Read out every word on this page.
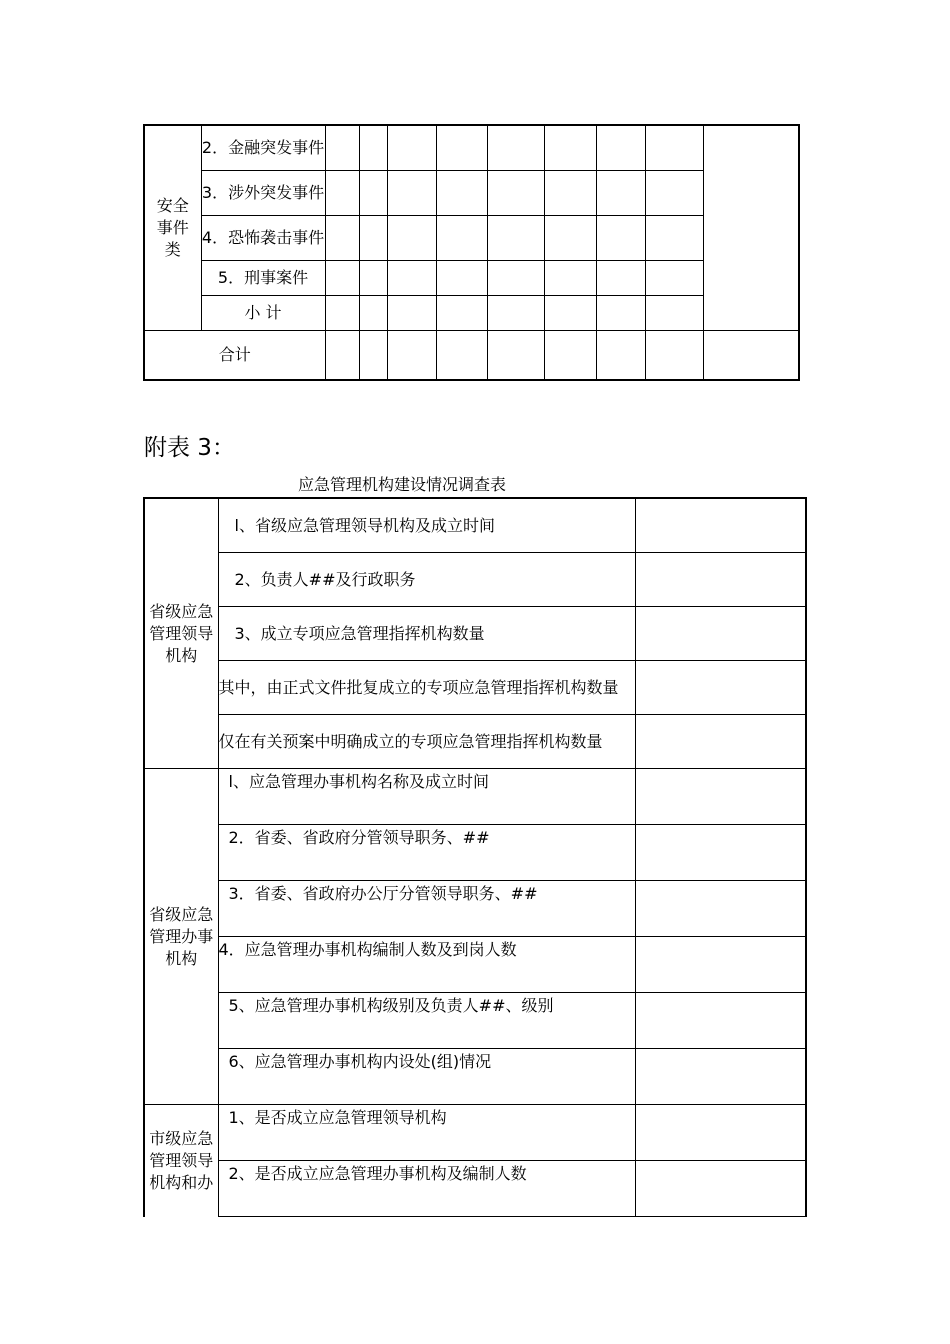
安全
事件
类	2．金融突发事件									
	3．涉外突发事件									
	4．恐怖袭击事件									
	5．刑事案件									
	小 计									
合计										
附表 3：
应急管理机构建设情况调查表
省级应急
管理领导
机构	l、省级应急管理领导机构及成立时间	
	2、负责人##及行政职务	
	3、成立专项应急管理指挥机构数量	
	其中，由正式文件批复成立的专项应急管理指挥机构数量	
	仅在有关预案中明确成立的专项应急管理指挥机构数量	
省级应急
管理办事
机构	l、应急管理办事机构名称及成立时间	
	2．省委、省政府分管领导职务、##	
	3．省委、省政府办公厅分管领导职务、##	
	4．应急管理办事机构编制人数及到岗人数	
	5、应急管理办事机构级别及负责人##、级别	
	6、应急管理办事机构内设处(组)情况	
市级应急
管理领导
机构和办	1、是否成立应急管理领导机构	
	2、是否成立应急管理办事机构及编制人数	
